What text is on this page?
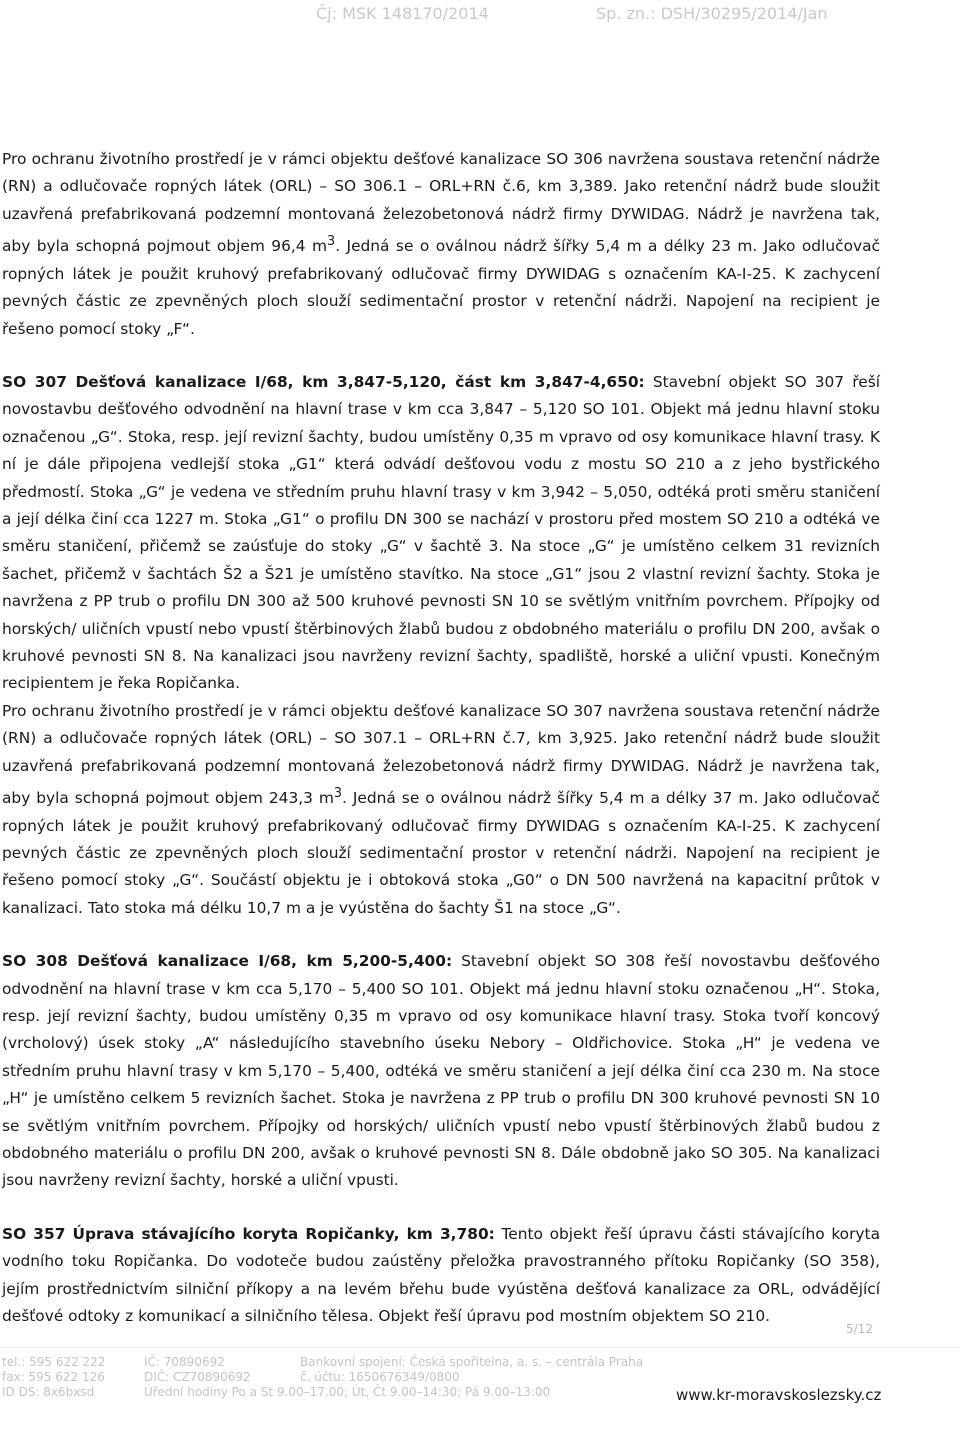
Čj: MSK 148170/2014	Sp. zn.: DSH/30295/2014/Jan

Pro ochranu životního prostředí je v rámci objektu dešťové kanalizace SO 306 navržena soustava retenční nádrže (RN) a odlučovače ropných látek (ORL) – SO 306.1 – ORL+RN č.6, km 3,389. Jako retenční nádrž bude sloužit uzavřená prefabrikovaná podzemní montovaná železobetonová nádrž firmy DYWIDAG. Nádrž je navržena tak, aby byla schopná pojmout objem 96,4 $m^3$. Jedná se o oválnou nádrž šířky 5,4 m a délky 23 m. Jako odlučovač ropných látek je použit kruhový prefabrikovaný odlučovač firmy DYWIDAG s označením KA-I-25. K zachycení pevných částic ze zpevněných ploch slouží sedimentační prostor v retenční nádrži. Napojení na recipient je řešeno pomocí stoky „F“.

SO 307 Dešťová kanalizace I/68, km 3,847-5,120, část km 3,847-4,650: Stavební objekt SO 307 řeší novostavbu dešťového odvodnění na hlavní trase v km cca 3,847 – 5,120 SO 101. Objekt má jednu hlavní stoku označenou „G“. Stoka, resp. její revizní šachty, budou umístěny 0,35 m vpravo od osy komunikace hlavní trasy. K ní je dále připojena vedlejší stoka „G1“ která odvádí dešťovou vodu z mostu SO 210 a z jeho bystřického předmostí. Stoka „G“ je vedena ve středním pruhu hlavní trasy v km 3,942 – 5,050, odtéká proti směru staničení a její délka činí cca 1227 m. Stoka „G1“ o profilu DN 300 se nachází v prostoru před mostem SO 210 a odtéká ve směru staničení, přičemž se zaúsťuje do stoky „G“ v šachtě 3. Na stoce „G“ je umístěno celkem 31 revizních šachet, přičemž v šachtách Š2 a Š21 je umístěno stavítko. Na stoce „G1“ jsou 2 vlastní revizní šachty. Stoka je navržena z PP trub o profilu DN 300 až 500 kruhové pevnosti SN 10 se světlým vnitřním povrchem. Přípojky od horských/ uličních vpustí nebo vpustí štěrbinových žlabů budou z obdobného materiálu o profilu DN 200, avšak o kruhové pevnosti SN 8. Na kanalizaci jsou navrženy revizní šachty, spadliště, horské a uliční vpusti. Konečným recipientem je řeka Ropičanka.

Pro ochranu životního prostředí je v rámci objektu dešťové kanalizace SO 307 navržena soustava retenční nádrže (RN) a odlučovače ropných látek (ORL) – SO 307.1 – ORL+RN č.7, km 3,925. Jako retenční nádrž bude sloužit uzavřená prefabrikovaná podzemní montovaná železobetonová nádrž firmy DYWIDAG. Nádrž je navržena tak, aby byla schopná pojmout objem 243,3 $m^3$. Jedná se o oválnou nádrž šířky 5,4 m a délky 37 m. Jako odlučovač ropných látek je použit kruhový prefabrikovaný odlučovač firmy DYWIDAG s označením KA-I-25. K zachycení pevných částic ze zpevněných ploch slouží sedimentační prostor v retenční nádrži. Napojení na recipient je řešeno pomocí stoky „G“. Součástí objektu je i obtoková stoka „G0“ o DN 500 navržená na kapacitní průtok v kanalizaci. Tato stoka má délku 10,7 m a je vyústěna do šachty Š1 na stoce „G“.

SO 308 Dešťová kanalizace I/68, km 5,200-5,400: Stavební objekt SO 308 řeší novostavbu dešťového odvodnění na hlavní trase v km cca 5,170 – 5,400 SO 101. Objekt má jednu hlavní stoku označenou „H“. Stoka, resp. její revizní šachty, budou umístěny 0,35 m vpravo od osy komunikace hlavní trasy. Stoka tvoří koncový (vrcholový) úsek stoky „A“ následujícího stavebního úseku Nebory – Oldřichovice. Stoka „H“ je vedena ve středním pruhu hlavní trasy v km 5,170 – 5,400, odtéká ve směru staničení a její délka činí cca 230 m. Na stoce „H“ je umístěno celkem 5 revizních šachet. Stoka je navržena z PP trub o profilu DN 300 kruhové pevnosti SN 10 se světlým vnitřním povrchem. Přípojky od horských/ uličních vpustí nebo vpustí štěrbinových žlabů budou z obdobného materiálu o profilu DN 200, avšak o kruhové pevnosti SN 8. Dále obdobně jako SO 305. Na kanalizaci jsou navrženy revizní šachty, horské a uliční vpusti.

SO 357 Úprava stávajícího koryta Ropičanky, km 3,780: Tento objekt řeší úpravu části stávajícího koryta vodního toku Ropičanka. Do vodoteče budou zaústěny přeložka pravostranného přítoku Ropičanky (SO 358), jejím prostřednictvím silniční příkopy a na levém břehu bude vyústěna dešťová kanalizace za ORL, odvádějící dešťové odtoky z komunikací a silničního tělesa. Objekt řeší úpravu pod mostním objektem SO 210.

5/12
tel.: 595 622 222
fax: 595 622 126
ID DS: 8x6bxsd
IČ: 70890692
DIČ: CZ70890692
Úřední hodiny Po a St 9.00–17.00; Út, Čt 9.00–14:30; Pá 9.00–13:00
Bankovní spojení: Česká spořitelna, a. s. – centrála Praha
č. účtu: 1650676349/0800
www.kr-moravskoslezsky.cz
